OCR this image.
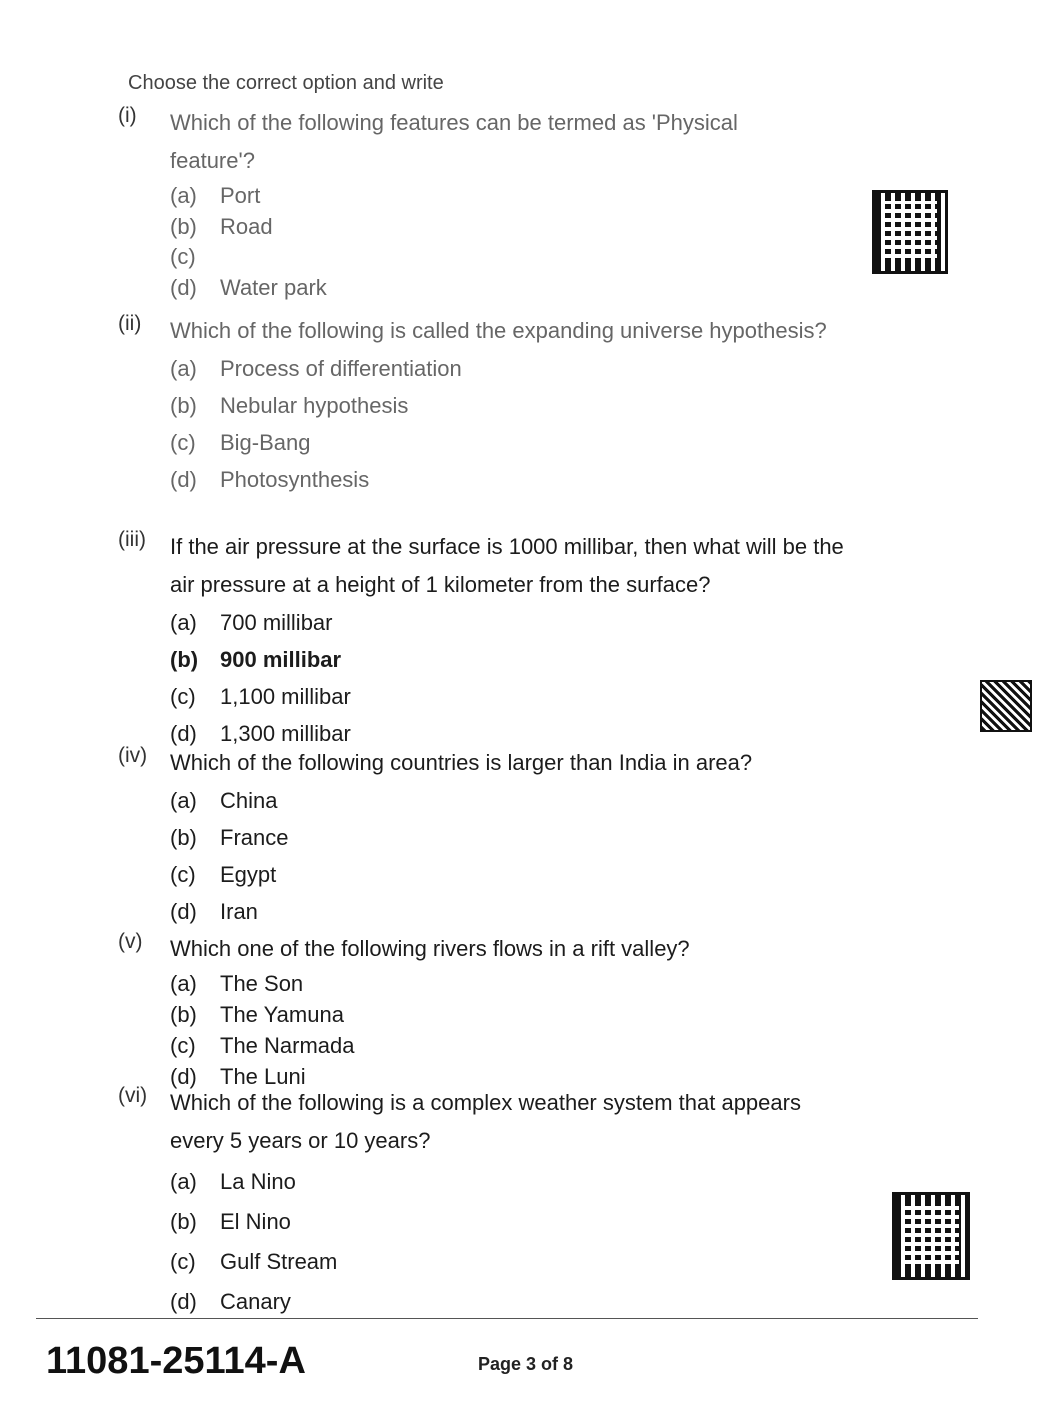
Choose the correct option and write
(i)	Which of the following features can be termed as 'Physical feature'?
(a)	Port
(b)	Road
(c)
(d)	Water park
(ii)	Which of the following is called the expanding universe hypothesis?
(a)	Process of differentiation
(b)	Nebular hypothesis
(c)	Big-Bang
(d)	Photosynthesis
(iii)	If the air pressure at the surface is 1000 millibar, then what will be the air pressure at a height of 1 kilometer from the surface?
(a)	700 millibar
(b) 900 millibar
(c)	1,100 millibar
(d)	1,300 millibar
(iv)	Which of the following countries is larger than India in area?
(a)	China
(b)	France
(c)	Egypt
(d)	Iran
(v)	Which one of the following rivers flows in a rift valley?
(a)	The Son
(b)	The Yamuna
(c)	The Narmada
(d)	The Luni
(vi)	Which of the following is a complex weather system that appears every 5 years or 10 years?
(a)	La Nino
(b)	El Nino
(c)	Gulf Stream
(d)	Canary
11081-25114-A	Page 3 of 8
